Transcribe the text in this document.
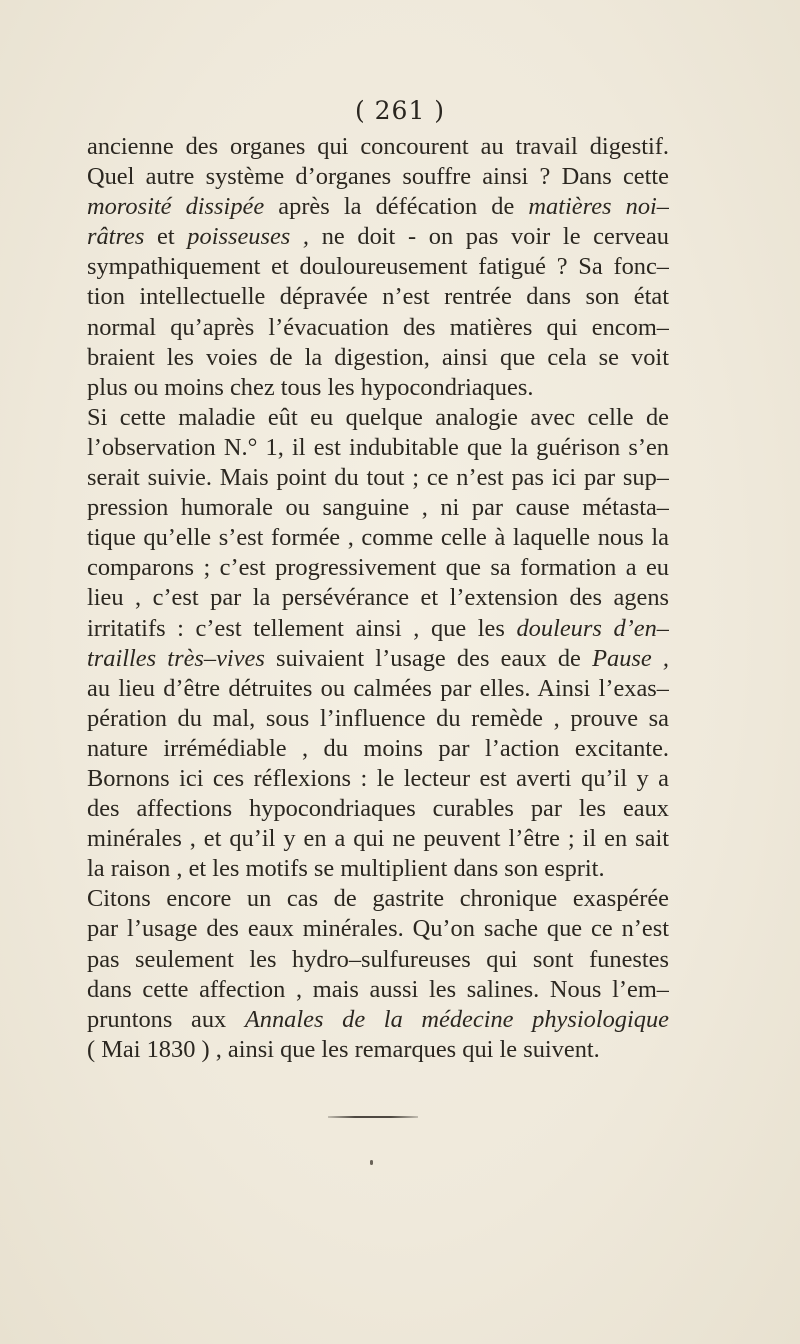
( 261 )
ancienne des organes qui concourent au travail digestif.
Quel autre système d’organes souffre ainsi ? Dans cette
morosité dissipée après la défécation de matières noi–
râtres et poisseuses , ne doit - on pas voir le cerveau
sympathiquement et douloureusement fatigué ? Sa fonc–
tion intellectuelle dépravée n’est rentrée dans son état
normal qu’après l’évacuation des matières qui encom–
braient les voies de la digestion, ainsi que cela se voit
plus ou moins chez tous les hypocondriaques.
Si cette maladie eût eu quelque analogie avec celle de
l’observation N.° 1, il est indubitable que la guérison s’en
serait suivie. Mais point du tout ; ce n’est pas ici par sup–
pression humorale ou sanguine , ni par cause métasta–
tique qu’elle s’est formée , comme celle à laquelle nous la
comparons ; c’est progressivement que sa formation a eu
lieu , c’est par la persévérance et l’extension des agens
irritatifs : c’est tellement ainsi , que les douleurs d’en–
trailles très–vives suivaient l’usage des eaux de Pause ,
au lieu d’être détruites ou calmées par elles. Ainsi l’exas–
pération du mal, sous l’influence du remède , prouve sa
nature irrémédiable , du moins par l’action excitante.
Bornons ici ces réflexions : le lecteur est averti qu’il y a
des affections hypocondriaques curables par les eaux
minérales , et qu’il y en a qui ne peuvent l’être ; il en sait
la raison , et les motifs se multiplient dans son esprit.
Citons encore un cas de gastrite chronique exaspérée
par l’usage des eaux minérales. Qu’on sache que ce n’est
pas seulement les hydro–sulfureuses qui sont funestes
dans cette affection , mais aussi les salines. Nous l’em–
pruntons aux Annales de la médecine physiologique
( Mai 1830 ) , ainsi que les remarques qui le suivent.
